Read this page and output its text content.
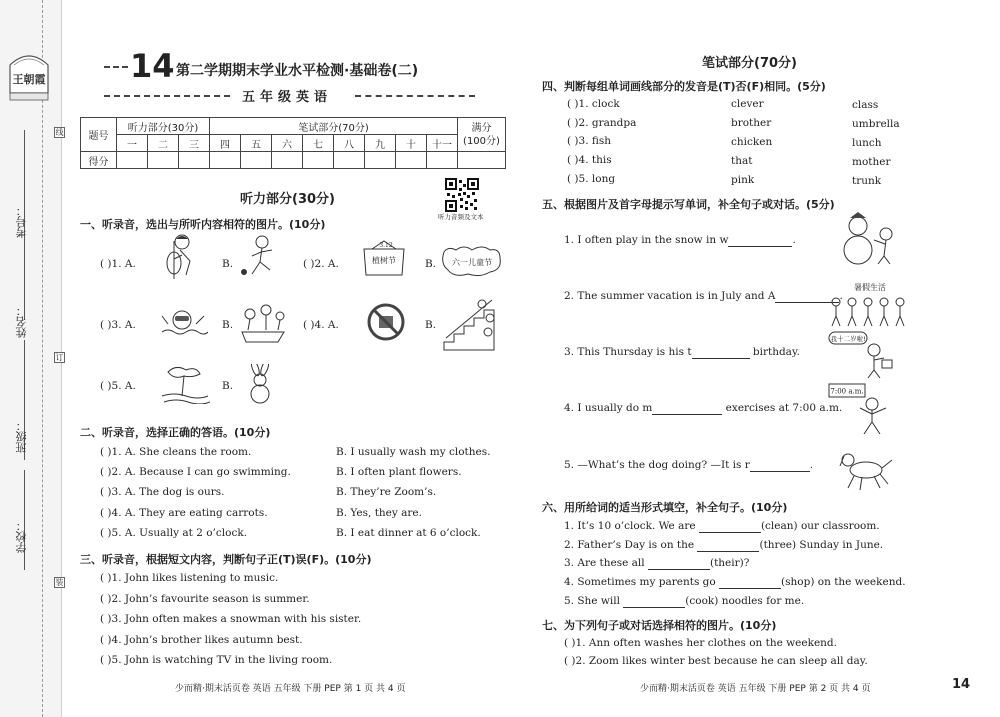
王朝霞
考号：
姓名：
班级：
学校：
线
订
装
14 第二学期期末学业水平检测·基础卷(二)
五年级英语
题号	听力部分(30分)			笔试部分(70分)								满分
(100分)
	一	二	三	四	五	六	七	八	九	十	十一	
得分												
听力部分(30分)
听力音频及文本
一、听录音，选出与所听内容相符的图片。(10分)
( )1. A.	B.	( )2. A.
3.12
植树节	B. 六一儿童节
( )3. A.	B.	( )4. A.	B.
( )5. A.	B.
二、听录音，选择正确的答语。(10分)
( )1. A. She cleans the room.	B. I usually wash my clothes.
( )2. A. Because I can go swimming.	B. I often plant flowers.
( )3. A. The dog is ours.	B. They’re Zoom’s.
( )4. A. They are eating carrots.	B. Yes, they are.
( )5. A. Usually at 2 o’clock.	B. I eat dinner at 6 o’clock.
三、听录音，根据短文内容，判断句子正(T)误(F)。(10分)
( )1. John likes listening to music.
( )2. John’s favourite season is summer.
( )3. John often makes a snowman with his sister.
( )4. John’s brother likes autumn best.
( )5. John is watching TV in the living room.
少而精·期末活页卷 英语 五年级 下册 PEP 第 1 页 共 4 页
笔试部分(70分)
四、判断每组单词画线部分的发音是(T)否(F)相同。(5分)
( )1. clock	clever	class
( )2. grandpa	brother	umbrella
( )3. fish	chicken	lunch
( )4. this	that	mother
( )5. long	pink	trunk
五、根据图片及首字母提示写单词，补全句子或对话。(5分)
1. I often play in the snow in w	.
2. The summer vacation is in July and A	.
暑假生活
3. This Thursday is his t	birthday.
我十二岁啦!
4. I usually do m	exercises at 7:00 a.m.
7:00 a.m.
5. —What’s the dog doing? —It is r	.
六、用所给词的适当形式填空，补全句子。(10分)
1. It’s 10 o’clock. We are	(clean) our classroom.
2. Father’s Day is on the	(three) Sunday in June.
3. Are these all	(their)?
4. Sometimes my parents go	(shop) on the weekend.
5. She will	(cook) noodles for me.
七、为下列句子或对话选择相符的图片。(10分)
( )1. Ann often washes her clothes on the weekend.
( )2. Zoom likes winter best because he can sleep all day.
少而精·期末活页卷 英语 五年级 下册 PEP 第 2 页 共 4 页	14
